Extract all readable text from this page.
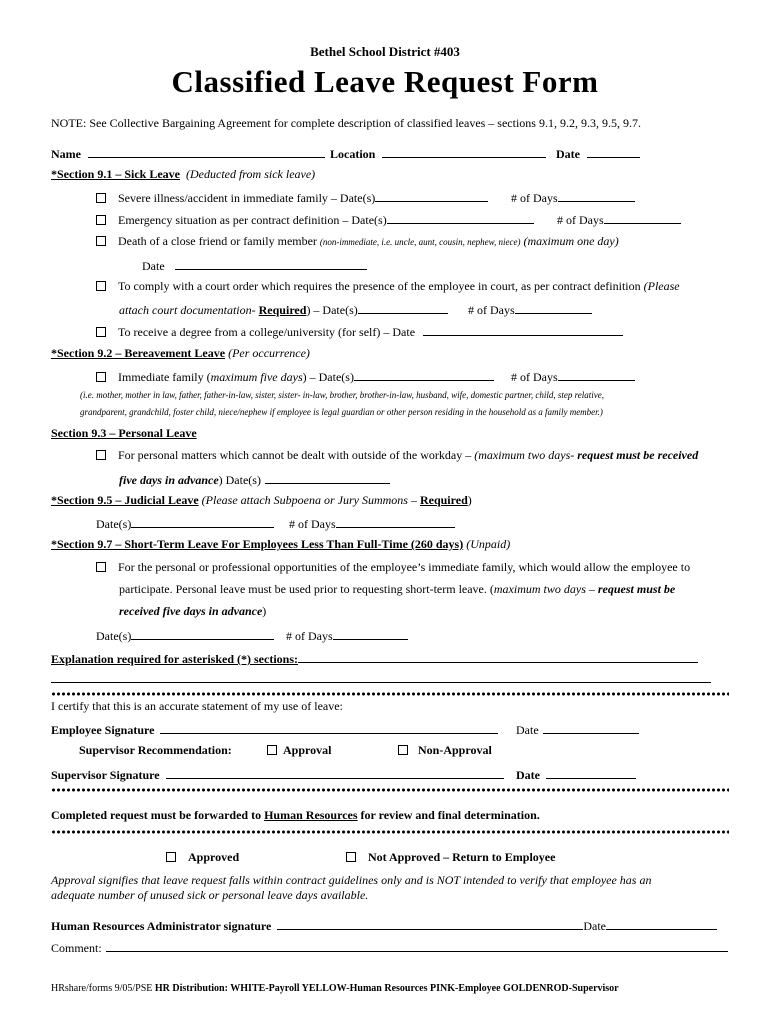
Bethel School District #403
Classified Leave Request Form
NOTE: See Collective Bargaining Agreement for complete description of classified leaves – sections 9.1, 9.2, 9.3, 9.5, 9.7.
Name	Location	Date
*Section 9.1 – Sick Leave (Deducted from sick leave)
Severe illness/accident in immediate family – Date(s)	# of Days
Emergency situation as per contract definition – Date(s)	# of Days
Death of a close friend or family member (non-immediate, i.e. uncle, aunt, cousin, nephew, niece) (maximum one day)
Date
To comply with a court order which requires the presence of the employee in court, as per contract definition (Please
attach court documentation- Required) – Date(s)	# of Days
To receive a degree from a college/university (for self) – Date
*Section 9.2 – Bereavement Leave (Per occurrence)
Immediate family (maximum five days) – Date(s)	# of Days
(i.e. mother, mother in law, father, father-in-law, sister, sister- in-law, brother, brother-in-law, husband, wife, domestic partner, child, step relative,
grandparent, grandchild, foster child, niece/nephew if employee is legal guardian or other person residing in the household as a family member.)
Section 9.3 – Personal Leave
For personal matters which cannot be dealt with outside of the workday – (maximum two days- request must be received
five days in advance) Date(s)
*Section 9.5 – Judicial Leave (Please attach Subpoena or Jury Summons – Required)
Date(s)	# of Days
*Section 9.7 – Short-Term Leave For Employees Less Than Full-Time (260 days) (Unpaid)
For the personal or professional opportunities of the employee’s immediate family, which would allow the employee to
participate. Personal leave must be used prior to requesting short-term leave. (maximum two days – request must be
received five days in advance)
Date(s)	# of Days
Explanation required for asterisked (*) sections:
I certify that this is an accurate statement of my use of leave:
Employee Signature	Date
Supervisor Recommendation:	Approval	Non-Approval
Supervisor Signature	Date
Completed request must be forwarded to Human Resources for review and final determination.
Approved	Not Approved – Return to Employee
Approval signifies that leave request falls within contract guidelines only and is NOT intended to verify that employee has an
adequate number of unused sick or personal leave days available.
Human Resources Administrator signature	Date
Comment:
HRshare/forms 9/05/PSE HR Distribution: WHITE-Payroll YELLOW-Human Resources PINK-Employee GOLDENROD-Supervisor
